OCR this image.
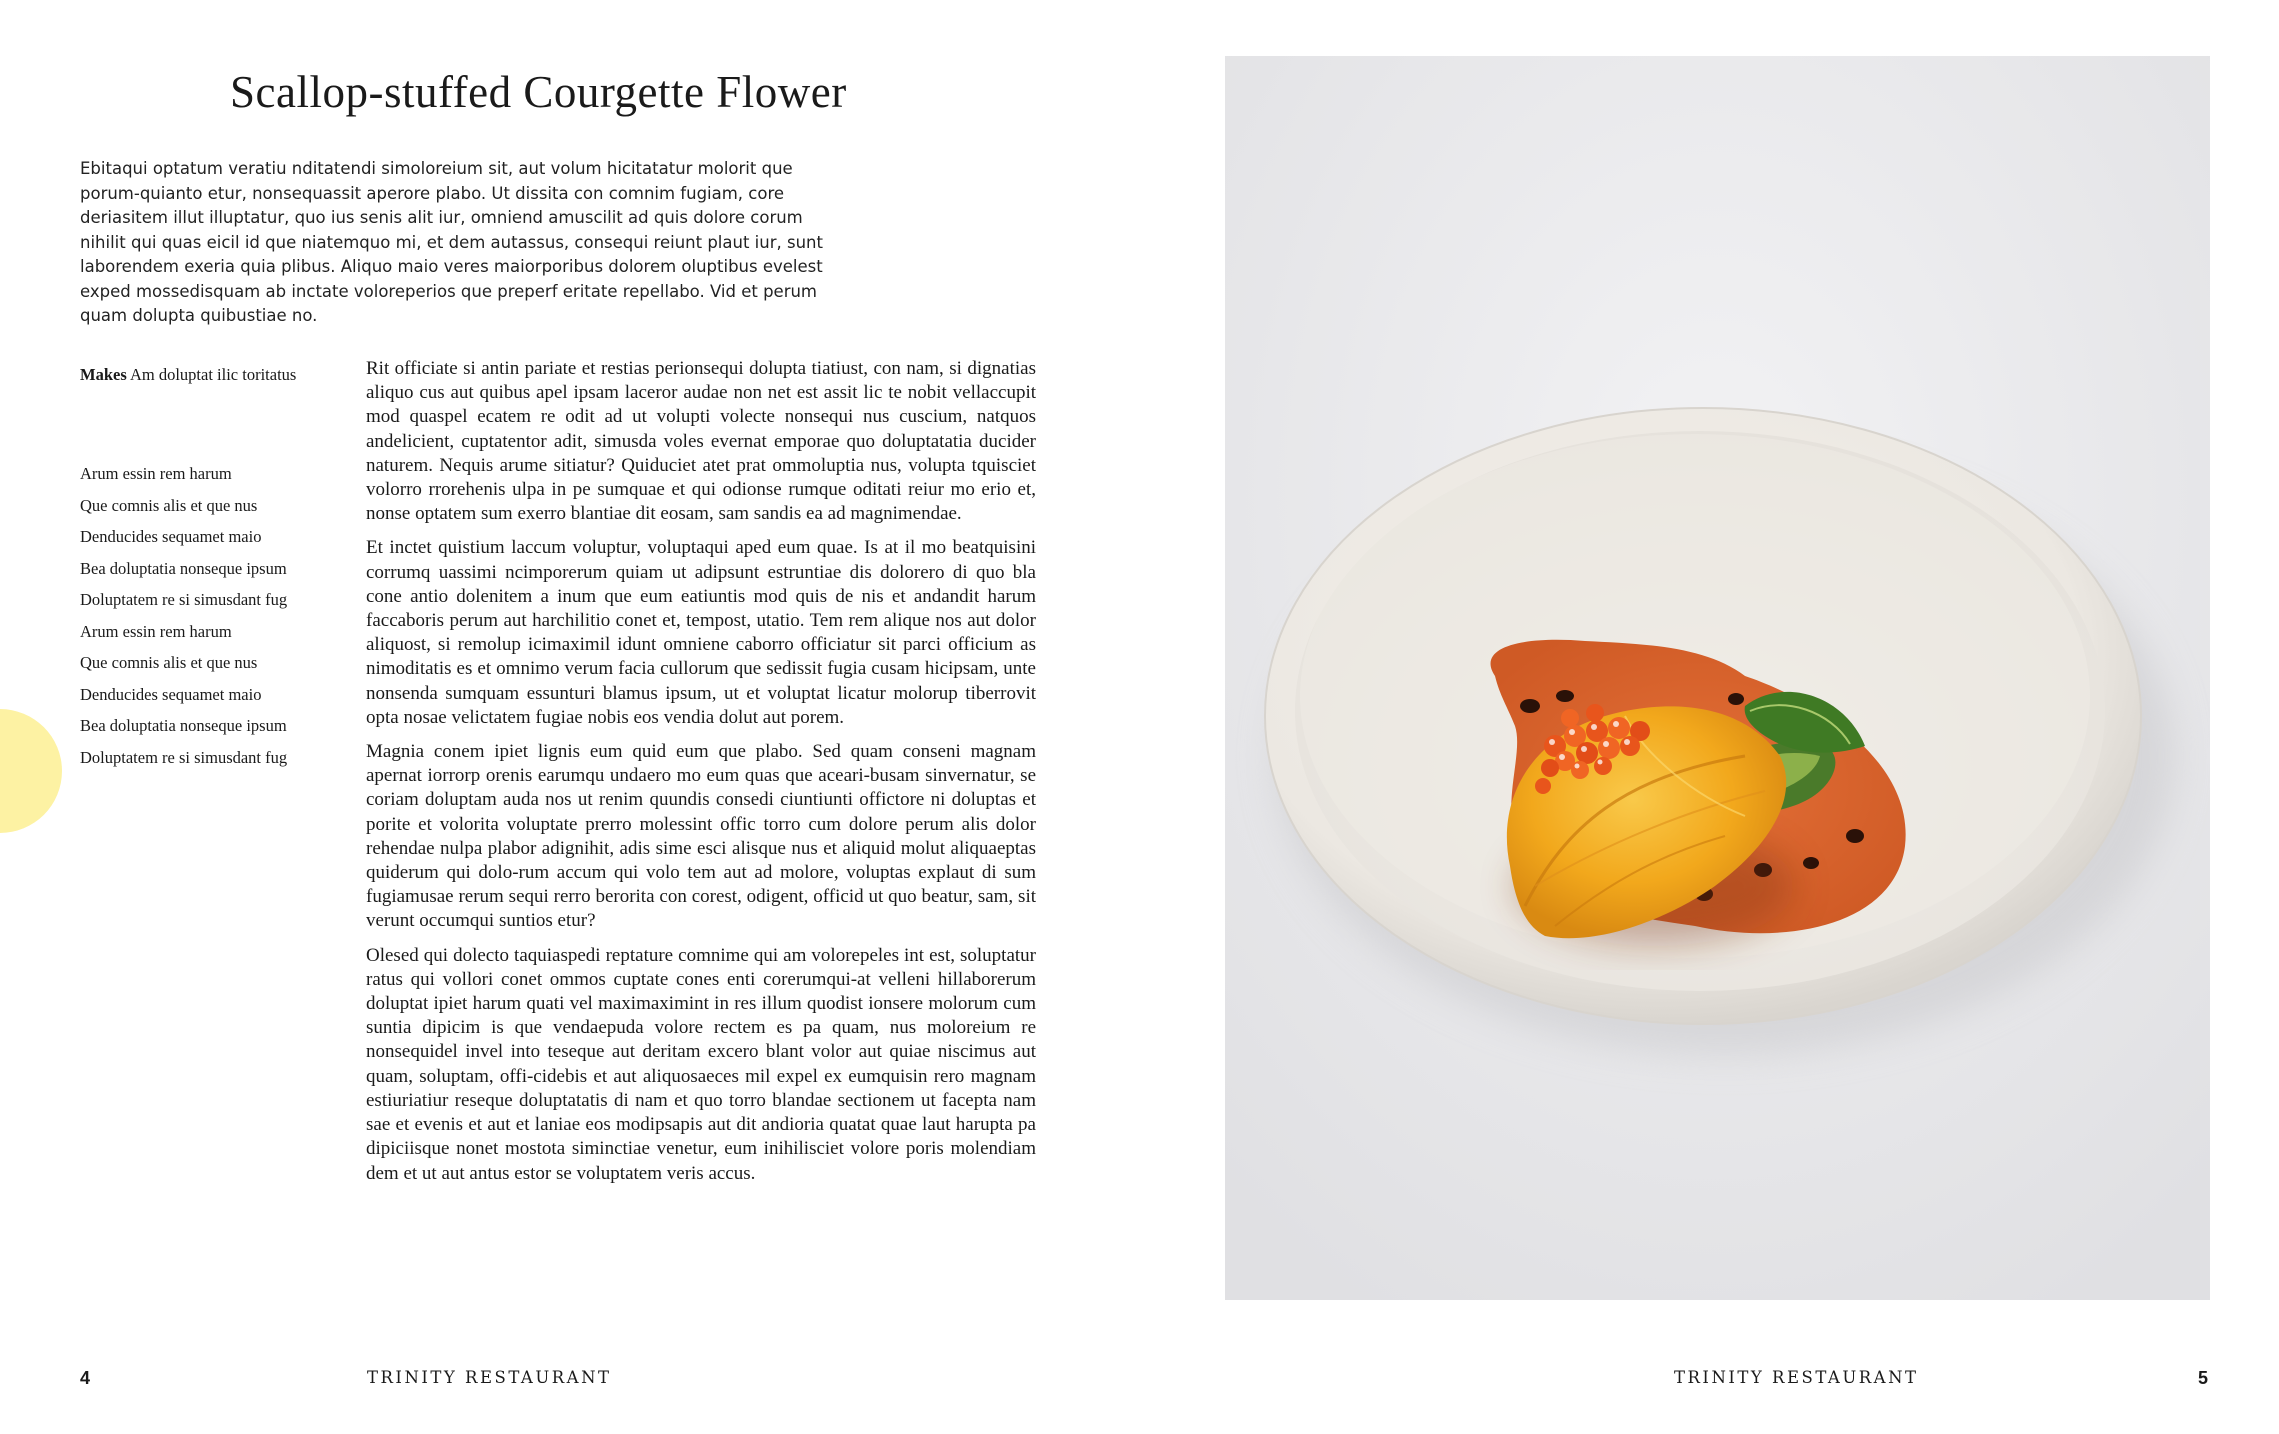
Scallop-stuffed Courgette Flower

Ebitaqui optatum veratiu nditatendi simoloreium sit, aut volum hicitatatur molorit que porum-quianto etur, nonsequassit aperore plabo. Ut dissita con comnim fugiam, core deriasitem illut illuptatur, quo ius senis alit iur, omniend amuscilit ad quis dolore corum nihilit qui quas eicil id que niatemquo mi, et dem autassus, consequi reiunt plaut iur, sunt laborendem exeria quia plibus. Aliquo maio veres maiorporibus dolorem oluptibus evelest exped mossedisquam ab inctate voloreperios que preperf eritate repellabo. Vid et perum quam dolupta quibustiae no.

Makes Am doluptat ilic toritatus

Arum essin rem harum
Que comnis alis et que nus
Denducides sequamet maio
Bea doluptatia nonseque ipsum
Doluptatem re si simusdant fug
Arum essin rem harum
Que comnis alis et que nus
Denducides sequamet maio
Bea doluptatia nonseque ipsum
Doluptatem re si simusdant fug

Rit officiate si antin pariate et restias perionsequi dolupta tiatiust, con nam, si dignatias aliquo cus aut quibus apel ipsam laceror audae non net est assit lic te nobit vellaccupit mod quaspel ecatem re odit ad ut volupti volecte nonsequi nus cuscium, natquos andelicient, cuptatentor adit, simusda voles evernat emporae quo doluptatatia ducider naturem. Nequis arume sitiatur? Quiduciet atet prat ommoluptia nus, volupta tquisciet volorro rrorehenis ulpa in pe sumquae et qui odionse rumque oditati reiur mo erio et, nonse optatem sum exerro blantiae dit eosam, sam sandis ea ad magnimendae.

Et inctet quistium laccum voluptur, voluptaqui aped eum quae. Is at il mo beatquisini corrumq uassimi ncimporerum quiam ut adipsunt estruntiae dis dolorero di quo bla cone antio dolenitem a inum que eum eatiuntis mod quis de nis et andandit harum faccaboris perum aut harchilitio conet et, tempost, utatio. Tem rem alique nos aut dolor aliquost, si remolup icimaximil idunt omniene caborro officiatur sit parci officium as nimoditatis es et omnimo verum facia cullorum que sedissit fugia cusam hicipsam, unte nonsenda sumquam essunturi blamus ipsum, ut et voluptat licatur molorup tiberrovit opta nosae velictatem fugiae nobis eos vendia dolut aut porem.

Magnia conem ipiet lignis eum quid eum que plabo. Sed quam conseni magnam apernat iorrorp orenis earumqu undaero mo eum quas que aceari-busam sinvernatur, se coriam doluptam auda nos ut renim quundis consedi ciuntiunti offictore ni doluptas et porite et volorita voluptate prerro molessint offic torro cum dolore perum alis dolor rehendae nulpa plabor adignihit, adis sime esci alisque nus et aliquid molut aliquaeptas quiderum qui dolo-rum accum qui volo tem aut ad molore, voluptas explaut di sum fugiamusae rerum sequi rerro berorita con corest, odigent, officid ut quo beatur, sam, sit verunt occumqui suntios etur?

Olesed qui dolecto taquiaspedi reptature comnime qui am volorepeles int est, soluptatur ratus qui vollori conet ommos cuptate cones enti corerumqui-at velleni hillaborerum doluptat ipiet harum quati vel maximaximint in res illum quodist ionsere molorum cum suntia dipicim is que vendaepuda volore rectem es pa quam, nus moloreium re nonsequidel invel into teseque aut deritam excero blant volor aut quiae niscimus aut quam, soluptam, offi-cidebis et aut aliquosaeces mil expel ex eumquisin rero magnam estiuriatiur reseque doluptatatis di nam et quo torro blandae sectionem ut facepta nam sae et evenis et aut et laniae eos modipsapis aut dit andioria quatat quae laut harupta pa dipiciisque nonet mostota siminctiae venetur, eum inihilisciet volore poris molendiam dem et ut aut antus estor se voluptatem veris accus.

4	TRINITY RESTAURANT	TRINITY RESTAURANT	5
